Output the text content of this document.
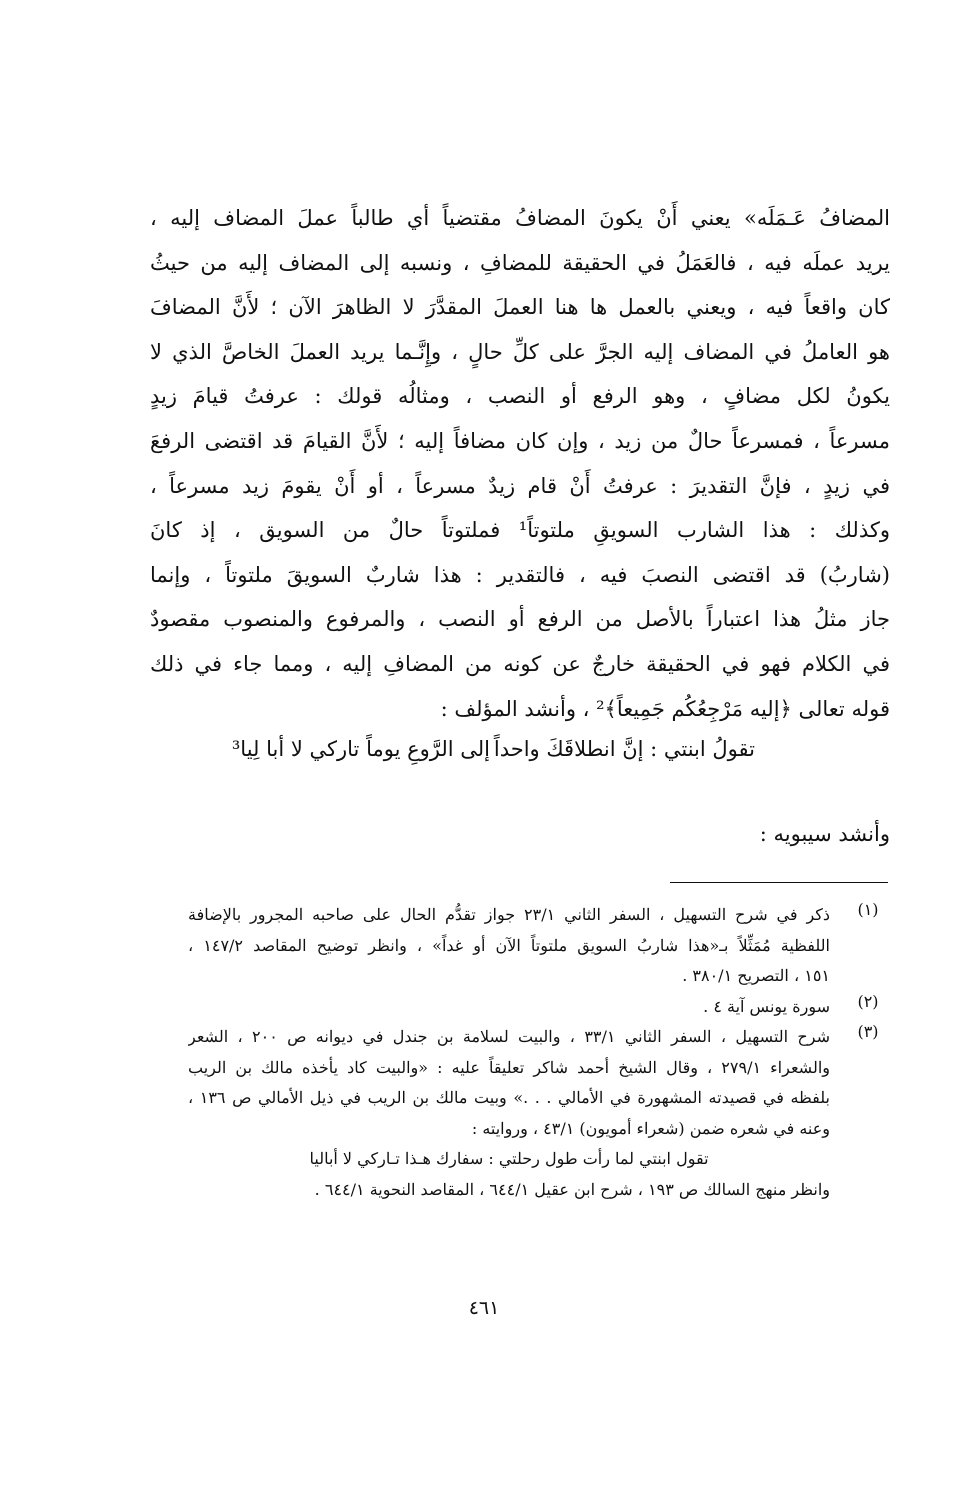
المضافُ عَـمَلَه» يعني أَنْ يكونَ المضافُ مقتضياً أي طالباً عملَ المضاف إليه ،
يريد عملَه فيه ، فالعَمَلُ في الحقيقة للمضافِ ، ونسبه إلى المضاف إليه من حيثُ
كان واقعاً فيه ، ويعني بالعمل ها هنا العملَ المقدَّرَ لا الظاهرَ الآن ؛ لأَنَّ المضافَ
هو العاملُ في المضاف إليه الجرَّ على كلِّ حالٍ ، وإِنَّـما يريد العملَ الخاصَّ الذي لا
يكونُ لكل مضافٍ ، وهو الرفع أو النصب ، ومثالُه قولك : عرفتُ قيامَ زيدٍ
مسرعاً ، فمسرعاً حالٌ من زيد ، وإن كان مضافاً إليه ؛ لأَنَّ القيامَ قد اقتضى الرفعَ
في زيدٍ ، فإنَّ التقديرَ : عرفتُ أَنْ قام زيدٌ مسرعاً ، أو أَنْ يقومَ زيد مسرعاً ،
وكذلك : هذا الشارب السويقِ ملتوتاً¹ فملتوتاً حالٌ من السويق ، إذ كانَ
(شاربُ) قد اقتضى النصبَ فيه ، فالتقدير : هذا شاربٌ السويقَ ملتوتاً ، وإنما
جاز مثلُ هذا اعتباراً بالأصل من الرفع أو النصب ، والمرفوع والمنصوب مقصودٌ
في الكلام فهو في الحقيقة خارجٌ عن كونه من المضافِ إليه ، ومما جاء في ذلك
قوله تعالى ﴿إليه مَرْجِعُكُم جَمِيعاً﴾² ، وأنشد المؤلف :
تقولُ ابنتي : إنَّ انطلاقَكَ واحداً
إلى الرَّوعِ يوماً تاركي لا أبا لِيا³
وأنشد سيبويه :
(١)
ذكر في شرح التسهيل ، السفر الثاني ٢٣/١ جواز تقدُّم الحال على صاحبه المجرور بالإضافة
اللفظية مُمَثِّلاً بـ«هذا شاربُ السويق ملتوتاً الآن أو غداً» ، وانظر توضيح المقاصد ١٤٧/٢ ،
١٥١ ، التصريح ٣٨٠/١ .
(٢)
سورة يونس آية ٤ .
(٣)
شرح التسهيل ، السفر الثاني ٣٣/١ ، والبيت لسلامة بن جندل في ديوانه ص ٢٠٠ ، الشعر
والشعراء ٢٧٩/١ ، وقال الشيخ أحمد شاكر تعليقاً عليه : «والبيت كاد يأخذه مالك بن الريب
بلفظه في قصيدته المشهورة في الأمالي . . .» وبيت مالك بن الريب في ذيل الأمالي ص ١٣٦ ،
وعنه في شعره ضمن (شعراء أمويون) ٤٣/١ ، وروايته :
تقول ابنتي لما رأت طول رحلتي : سفارك هـذا تـاركي لا أباليا
وانظر منهج السالك ص ١٩٣ ، شرح ابن عقيل ٦٤٤/١ ، المقاصد النحوية ٦٤٤/١ .
٤٦١
